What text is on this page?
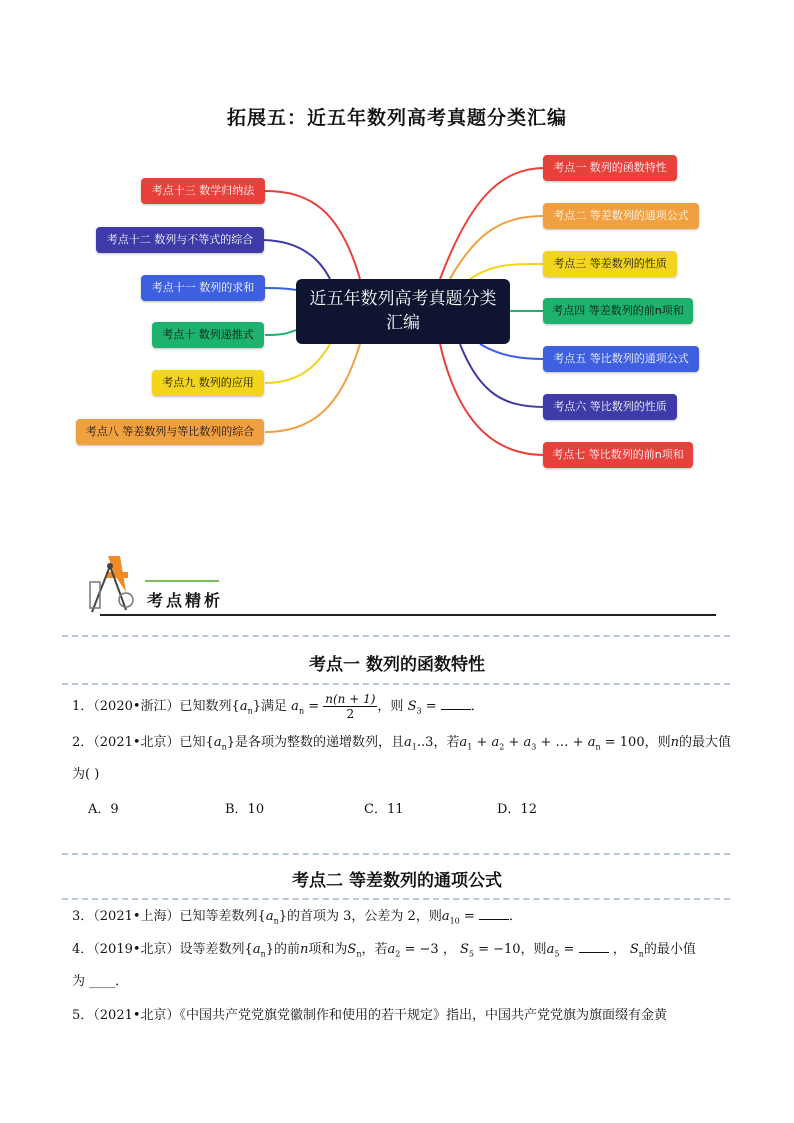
拓展五：近五年数列高考真题分类汇编
近五年数列高考真题分类汇编
考点一 数列的函数特性
考点二 等差数列的通项公式
考点三 等差数列的性质
考点四 等差数列的前n项和
考点五 等比数列的通项公式
考点六 等比数列的性质
考点七 等比数列的前n项和
考点十三 数学归纳法
考点十二 数列与不等式的综合
考点十一 数列的求和
考点十 数列递推式
考点九 数列的应用
考点八 等差数列与等比数列的综合
考点精析
考点一 数列的函数特性
1．（2020•浙江）已知数列$\{a_n\}$满足 $a_n = \frac{n(n + 1)}{2}$ ，则 $S_3$ = ．
2．（2021•北京）已知$\{a_n\}$是各项为整数的递增数列，且$a_1..3$，若$a_1 + a_2 + a_3$ + … + $a_n = 100$，则n的最大值
为( )
A．9	B．10	C．11	D．12
考点二 等差数列的通项公式
3．（2021•上海）已知等差数列$\{a_n\}$的首项为 3，公差为 2，则$a_{10}$ = ．
4．（2019•北京）设等差数列$\{a_n\}$的前n项和为$S_n$，若$a_2 = -3$ ， $S_5 = -10$，则$a_5$ =  ， $S_n$的最小值
为 ____．
5．（2021•北京）《中国共产党党旗党徽制作和使用的若干规定》指出，中国共产党党旗为旗面缀有金黄
